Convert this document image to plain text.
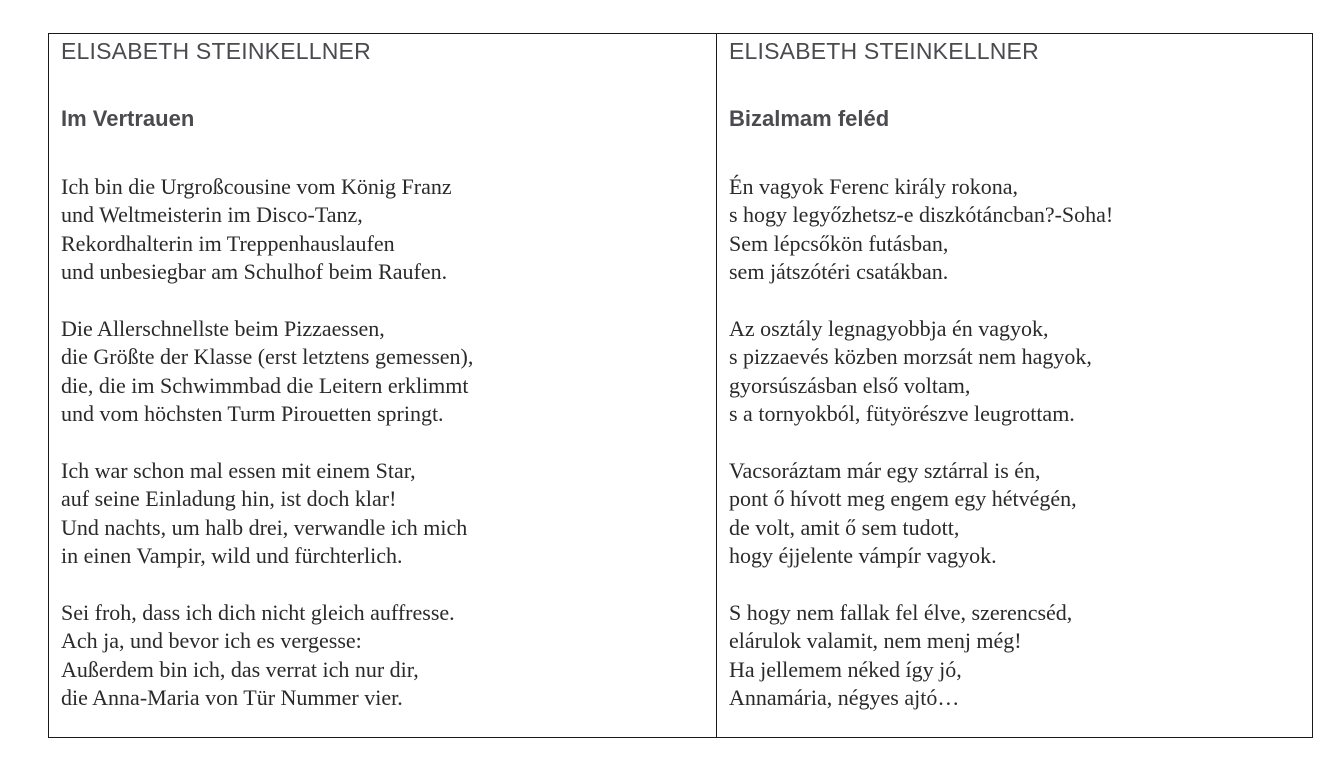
ELISABETH STEINKELLNER

Im Vertrauen

Ich bin die Urgroßcousine vom König Franz
und Weltmeisterin im Disco-Tanz,
Rekordhalterin im Treppenhauslaufen
und unbesiegbar am Schulhof beim Raufen.

Die Allerschnellste beim Pizzaessen,
die Größte der Klasse (erst letztens gemessen),
die, die im Schwimmbad die Leitern erklimmt
und vom höchsten Turm Pirouetten springt.

Ich war schon mal essen mit einem Star,
auf seine Einladung hin, ist doch klar!
Und nachts, um halb drei, verwandle ich mich
in einen Vampir, wild und fürchterlich.

Sei froh, dass ich dich nicht gleich auffresse.
Ach ja, und bevor ich es vergesse:
Außerdem bin ich, das verrat ich nur dir,
die Anna-Maria von Tür Nummer vier.

ELISABETH STEINKELLNER

Bizalmam feléd

Én vagyok Ferenc király rokona,
s hogy legyőzhetsz-e diszkótáncban?-Soha!
Sem lépcsőkön futásban,
sem játszótéri csatákban.

Az osztály legnagyobbja én vagyok,
s pizzaevés közben morzsát nem hagyok,
gyorsúszásban első voltam,
s a tornyokból, fütyörészve leugrottam.

Vacsoráztam már egy sztárral is én,
pont ő hívott meg engem egy hétvégén,
de volt, amit ő sem tudott,
hogy éjjelente vámpír vagyok.

S hogy nem fallak fel élve, szerencséd,
elárulok valamit, nem menj még!
Ha jellemem néked így jó,
Annamária, négyes ajtó…
